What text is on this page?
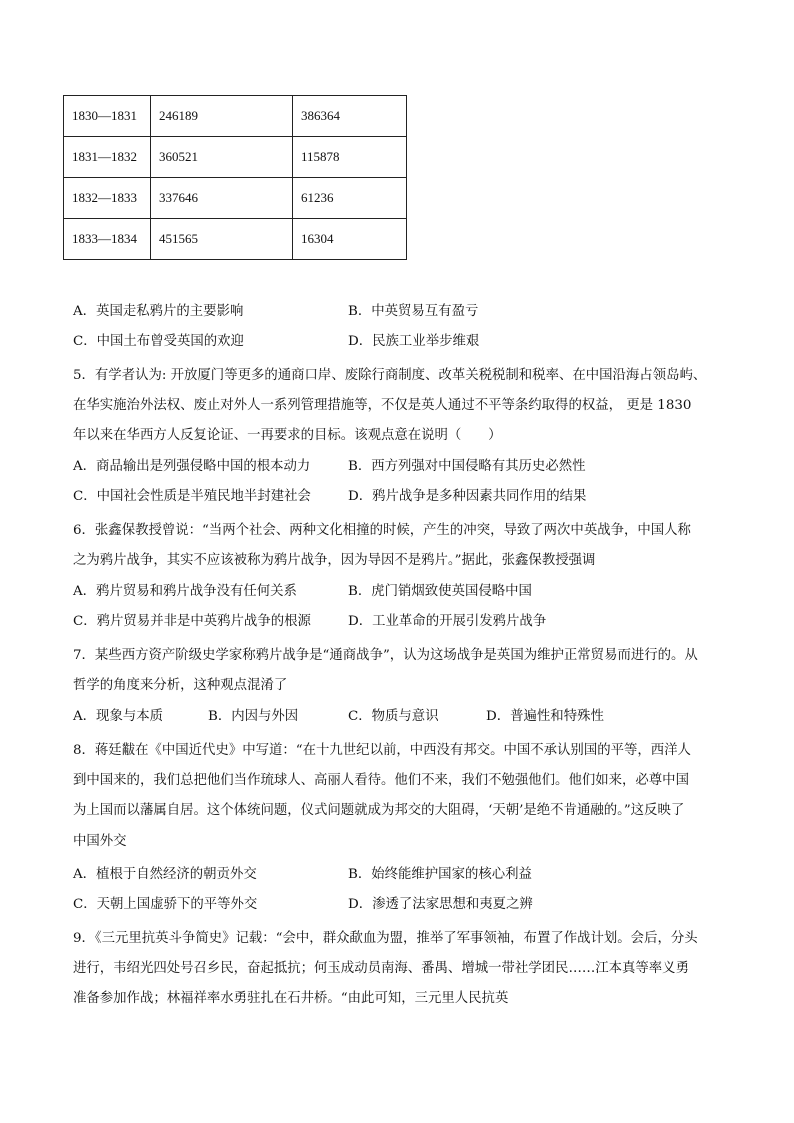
1830—1831	246189	386364
1831—1832	360521	115878
1832—1833	337646	61236
1833—1834	451565	16304
A．英国走私鸦片的主要影响	B．中英贸易互有盈亏
C．中国土布曾受英国的欢迎	D．民族工业举步维艰
5．有学者认为: 开放厦门等更多的通商口岸、废除行商制度、改革关税税制和税率、在中国沿海占领岛屿、
在华实施治外法权、废止对外人一系列管理措施等，不仅是英人通过不平等条约取得的权益， 更是 1830
年以来在华西方人反复论证、一再要求的目标。该观点意在说明（　　）
A．商品输出是列强侵略中国的根本动力	B．西方列强对中国侵略有其历史必然性
C．中国社会性质是半殖民地半封建社会	D．鸦片战争是多种因素共同作用的结果
6．张鑫保教授曾说：“当两个社会、两种文化相撞的时候，产生的冲突，导致了两次中英战争，中国人称
之为鸦片战争，其实不应该被称为鸦片战争，因为导因不是鸦片。”据此，张鑫保教授强调
A．鸦片贸易和鸦片战争没有任何关系	B．虎门销烟致使英国侵略中国
C．鸦片贸易并非是中英鸦片战争的根源	D．工业革命的开展引发鸦片战争
7．某些西方资产阶级史学家称鸦片战争是“通商战争”，认为这场战争是英国为维护正常贸易而进行的。从
哲学的角度来分析，这种观点混淆了
A．现象与本质	B．内因与外因	C．物质与意识	D．普遍性和特殊性
8．蒋廷黻在《中国近代史》中写道：“在十九世纪以前，中西没有邦交。中国不承认别国的平等，西洋人
到中国来的，我们总把他们当作琉球人、高丽人看待。他们不来，我们不勉强他们。他们如来，必尊中国
为上国而以藩属自居。这个体统问题，仪式问题就成为邦交的大阻碍，‘天朝’是绝不肯通融的。”这反映了
中国外交
A．植根于自然经济的朝贡外交	B．始终能维护国家的核心利益
C．天朝上国虚骄下的平等外交	D．渗透了法家思想和夷夏之辨
9．《三元里抗英斗争简史》记载：“会中，群众歃血为盟，推举了军事领袖，布置了作战计划。会后，分头
进行，韦绍光四处号召乡民，奋起抵抗；何玉成动员南海、番禺、增城一带社学团民……江本真等率义勇
准备参加作战；林福祥率水勇驻扎在石井桥。“由此可知，三元里人民抗英
